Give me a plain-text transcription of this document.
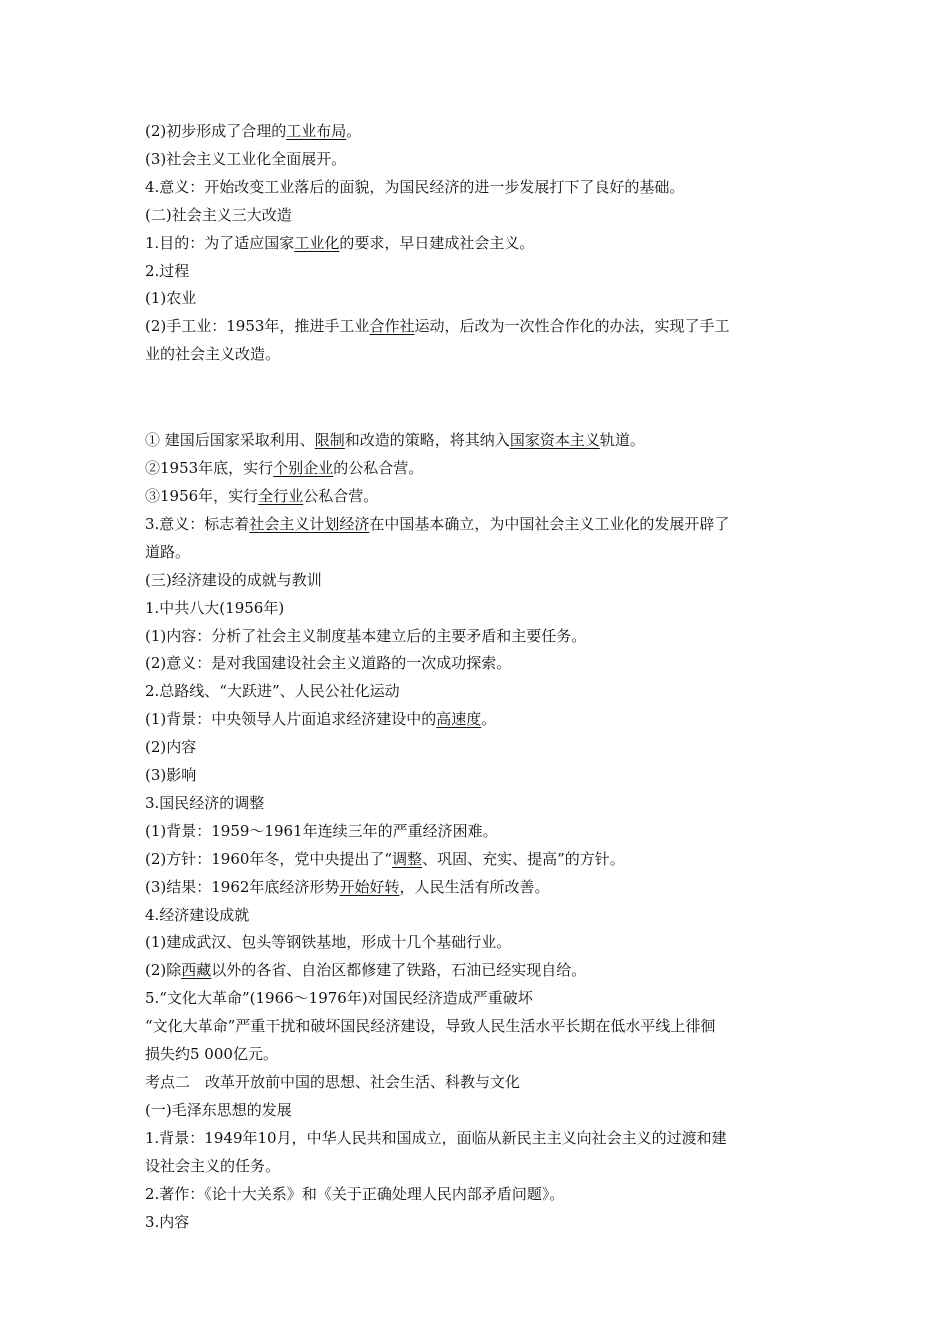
(2)初步形成了合理的工业布局。

(3)社会主义工业化全面展开。

4.意义：开始改变工业落后的面貌，为国民经济的进一步发展打下了良好的基础。

(二)社会主义三大改造

1.目的：为了适应国家工业化的要求，早日建成社会主义。

2.过程

(1)农业

(2)手工业：1953年，推进手工业合作社运动，后改为一次性合作化的办法，实现了手工

业的社会主义改造。

① 建国后国家采取利用、限制和改造的策略，将其纳入国家资本主义轨道。

②1953年底，实行个别企业的公私合营。

③1956年，实行全行业公私合营。

3.意义：标志着社会主义计划经济在中国基本确立，为中国社会主义工业化的发展开辟了

道路。

(三)经济建设的成就与教训

1.中共八大(1956年)

(1)内容：分析了社会主义制度基本建立后的主要矛盾和主要任务。

(2)意义：是对我国建设社会主义道路的一次成功探索。

2.总路线、“大跃进”、人民公社化运动

(1)背景：中央领导人片面追求经济建设中的高速度。

(2)内容

(3)影响

3.国民经济的调整

(1)背景：1959～1961年连续三年的严重经济困难。

(2)方针：1960年冬，党中央提出了“调整、巩固、充实、提高”的方针。

(3)结果：1962年底经济形势开始好转，人民生活有所改善。

4.经济建设成就

(1)建成武汉、包头等钢铁基地，形成十几个基础行业。

(2)除西藏以外的各省、自治区都修建了铁路，石油已经实现自给。

5.“文化大革命”(1966～1976年)对国民经济造成严重破坏

“文化大革命”严重干扰和破坏国民经济建设，导致人民生活水平长期在低水平线上徘徊

损失约5 000亿元。

考点二　改革开放前中国的思想、社会生活、科教与文化

(一)毛泽东思想的发展

1.背景：1949年10月，中华人民共和国成立，面临从新民主主义向社会主义的过渡和建

设社会主义的任务。

2.著作：《论十大关系》和《关于正确处理人民内部矛盾问题》。

3.内容
